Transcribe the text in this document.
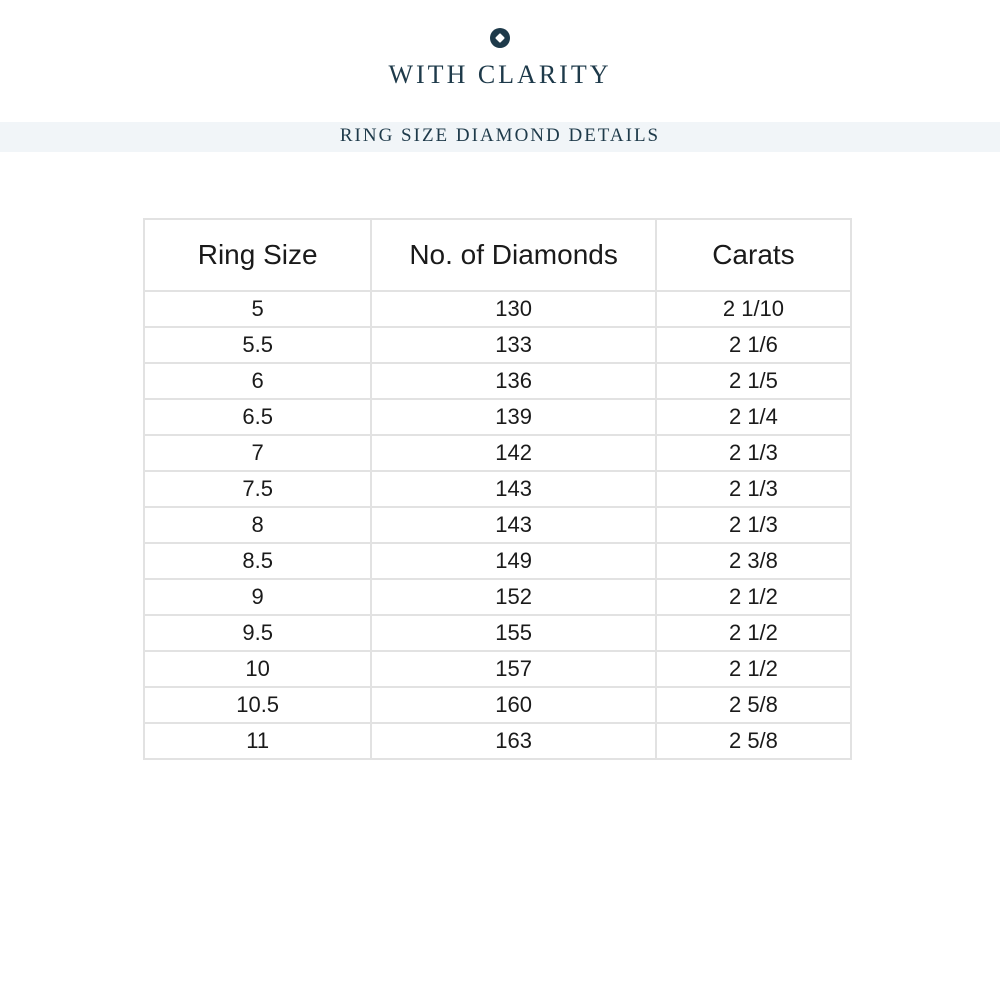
WITH CLARITY
RING SIZE DIAMOND DETAILS
Ring Size	No. of Diamonds	Carats
5	130	2 1/10
5.5	133	2 1/6
6	136	2 1/5
6.5	139	2 1/4
7	142	2 1/3
7.5	143	2 1/3
8	143	2 1/3
8.5	149	2 3/8
9	152	2 1/2
9.5	155	2 1/2
10	157	2 1/2
10.5	160	2 5/8
11	163	2 5/8
